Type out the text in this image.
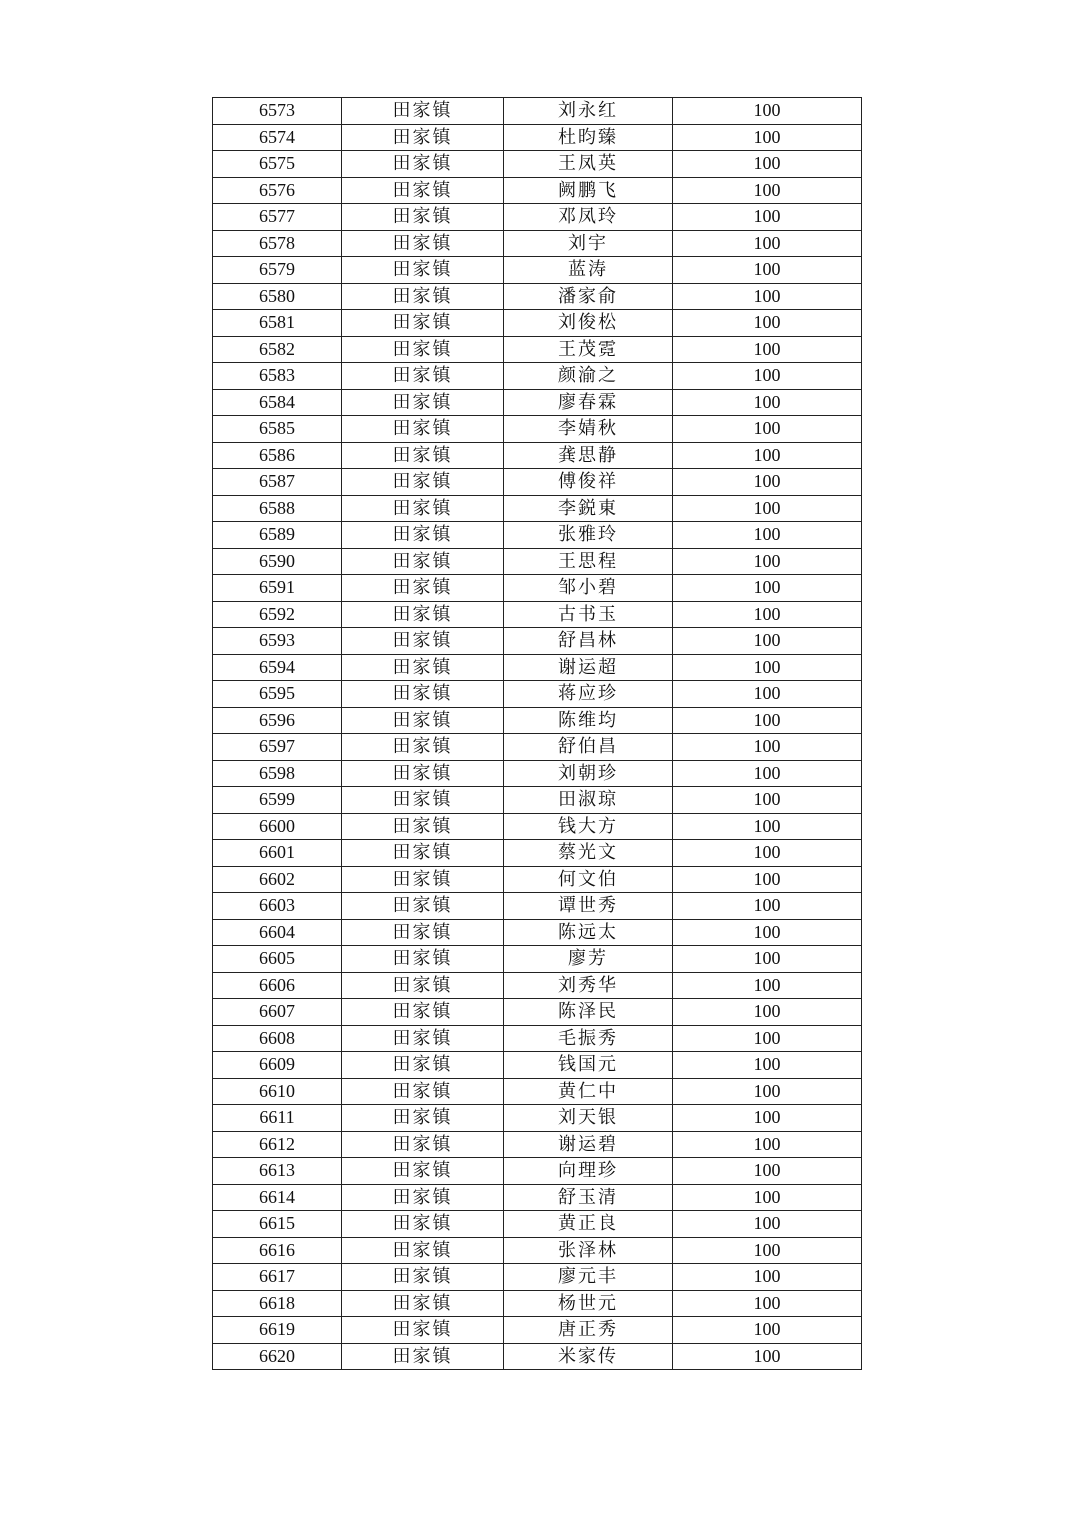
6573	田家镇	刘永红	100
6574	田家镇	杜昀臻	100
6575	田家镇	王凤英	100
6576	田家镇	阙鹏飞	100
6577	田家镇	邓凤玲	100
6578	田家镇	刘宇	100
6579	田家镇	蓝涛	100
6580	田家镇	潘家俞	100
6581	田家镇	刘俊松	100
6582	田家镇	王茂霓	100
6583	田家镇	颜渝之	100
6584	田家镇	廖春霖	100
6585	田家镇	李婧秋	100
6586	田家镇	龚思静	100
6587	田家镇	傅俊祥	100
6588	田家镇	李鋭東	100
6589	田家镇	张雅玲	100
6590	田家镇	王思程	100
6591	田家镇	邹小碧	100
6592	田家镇	古书玉	100
6593	田家镇	舒昌林	100
6594	田家镇	谢运超	100
6595	田家镇	蒋应珍	100
6596	田家镇	陈维均	100
6597	田家镇	舒伯昌	100
6598	田家镇	刘朝珍	100
6599	田家镇	田淑琼	100
6600	田家镇	钱大方	100
6601	田家镇	蔡光文	100
6602	田家镇	何文伯	100
6603	田家镇	谭世秀	100
6604	田家镇	陈远太	100
6605	田家镇	廖芳	100
6606	田家镇	刘秀华	100
6607	田家镇	陈泽民	100
6608	田家镇	毛振秀	100
6609	田家镇	钱国元	100
6610	田家镇	黄仁中	100
6611	田家镇	刘天银	100
6612	田家镇	谢运碧	100
6613	田家镇	向理珍	100
6614	田家镇	舒玉清	100
6615	田家镇	黄正良	100
6616	田家镇	张泽林	100
6617	田家镇	廖元丰	100
6618	田家镇	杨世元	100
6619	田家镇	唐正秀	100
6620	田家镇	米家传	100
